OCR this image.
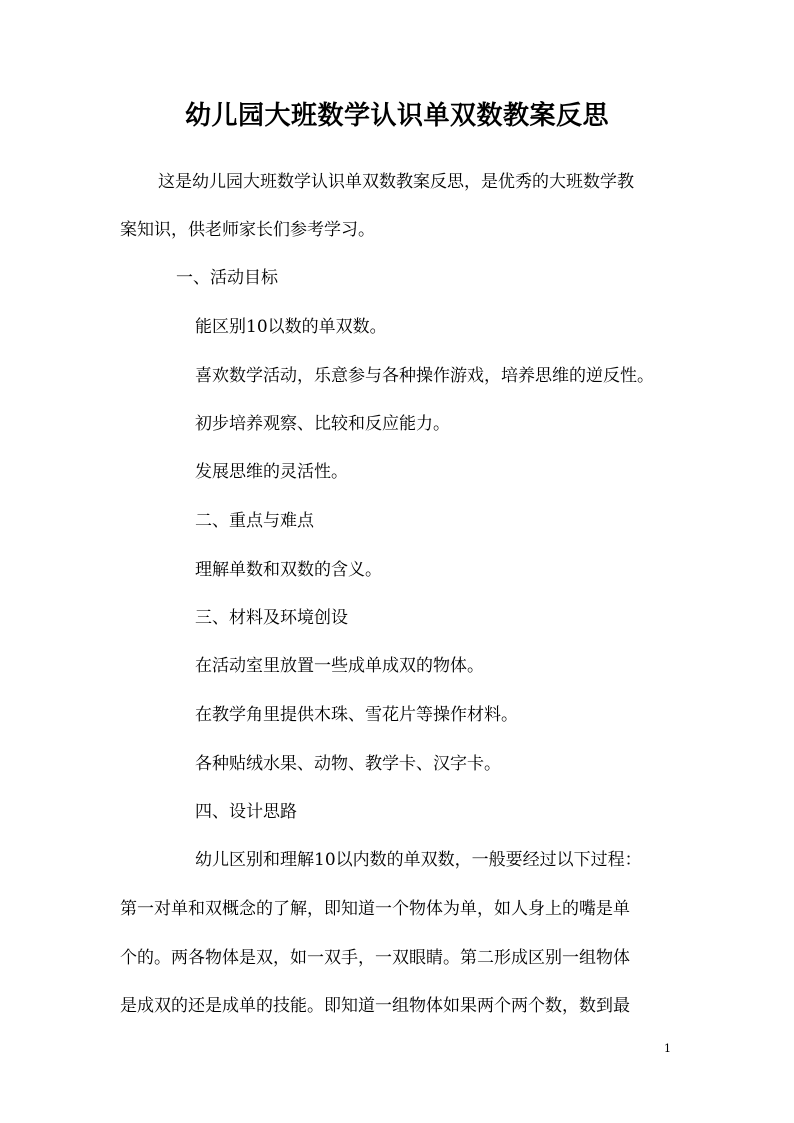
幼儿园大班数学认识单双数教案反思

这是幼儿园大班数学认识单双数教案反思，是优秀的大班数学教

案知识，供老师家长们参考学习。

一、活动目标

能区别10以数的单双数。

喜欢数学活动，乐意参与各种操作游戏，培养思维的逆反性。

初步培养观察、比较和反应能力。

发展思维的灵活性。

二、重点与难点

理解单数和双数的含义。

三、材料及环境创设

在活动室里放置一些成单成双的物体。

在教学角里提供木珠、雪花片等操作材料。

各种贴绒水果、动物、教学卡、汉字卡。

四、设计思路

幼儿区别和理解10以内数的单双数，一般要经过以下过程：

第一对单和双概念的了解，即知道一个物体为单，如人身上的嘴是单

个的。两各物体是双，如一双手，一双眼睛。第二形成区别一组物体

是成双的还是成单的技能。即知道一组物体如果两个两个数，数到最

1
